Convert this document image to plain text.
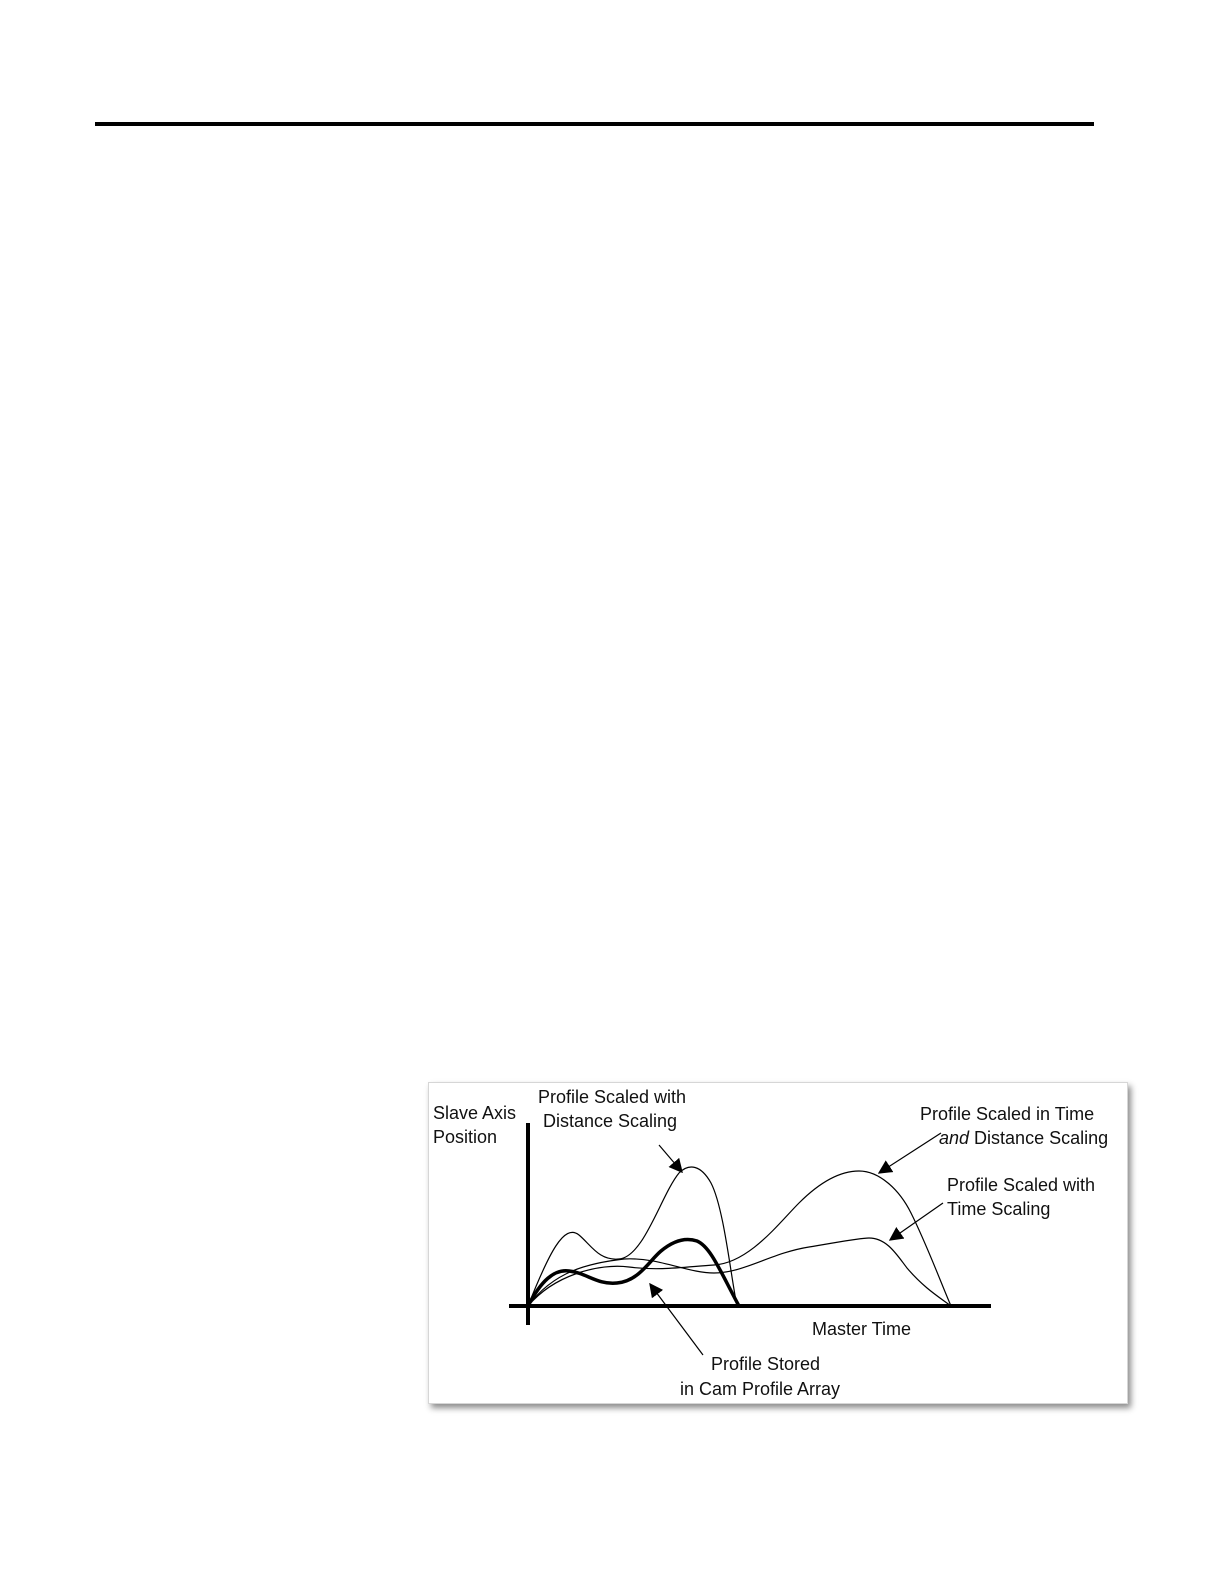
Slave Axis
Position
Profile Scaled with
Distance Scaling	Profile Scaled in Time
and Distance Scaling
Profile Scaled with
Time Scaling
Master Time
Profile Stored
in Cam Profile Array
